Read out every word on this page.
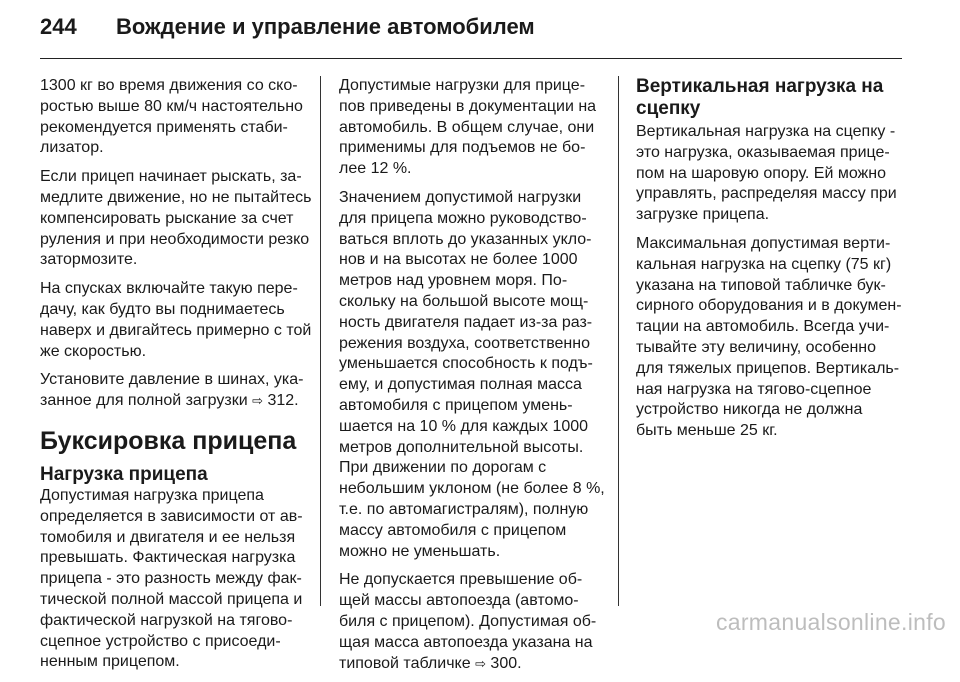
244 Вождение и управление автомобилем

1300 кг во время движения со скоростью выше 80 км/ч настоятельно рекомендуется применять стабилизатор.

Если прицеп начинает рыскать, замедлите движение, но не пытайтесь компенсировать рыскание за счет руления и при необходимости резко затормозите.

На спусках включайте такую передачу, как будто вы поднимаетесь наверх и двигайтесь примерно с той же скоростью.

Установите давление в шинах, указанное для полной загрузки ⇨ 312.

Буксировка прицепа
Нагрузка прицепа

Допустимая нагрузка прицепа определяется в зависимости от автомобиля и двигателя и ее нельзя превышать. Фактическая нагрузка прицепа - это разность между фактической полной массой прицепа и фактической нагрузкой на тягово-сцепное устройство с присоединенным прицепом.

Допустимые нагрузки для прицепов приведены в документации на автомобиль. В общем случае, они применимы для подъемов не более 12 %.

Значением допустимой нагрузки для прицепа можно руководствоваться вплоть до указанных уклонов и на высотах не более 1000 метров над уровнем моря. Поскольку на большой высоте мощность двигателя падает из-за разрежения воздуха, соответственно уменьшается способность к подъему, и допустимая полная масса автомобиля с прицепом уменьшается на 10 % для каждых 1000 метров дополнительной высоты. При движении по дорогам с небольшим уклоном (не более 8 %, т.е. по автомагистралям), полную массу автомобиля с прицепом можно не уменьшать.

Не допускается превышение общей массы автопоезда (автомобиля с прицепом). Допустимая общая масса автопоезда указана на типовой табличке ⇨ 300.

Вертикальная нагрузка на сцепку

Вертикальная нагрузка на сцепку - это нагрузка, оказываемая прицепом на шаровую опору. Ей можно управлять, распределяя массу при загрузке прицепа.

Максимальная допустимая вертикальная нагрузка на сцепку (75 кг) указана на типовой табличке буксирного оборудования и в документации на автомобиль. Всегда учитывайте эту величину, особенно для тяжелых прицепов. Вертикальная нагрузка на тягово-сцепное устройство никогда не должна быть меньше 25 кг.

carmanualsonline.info
